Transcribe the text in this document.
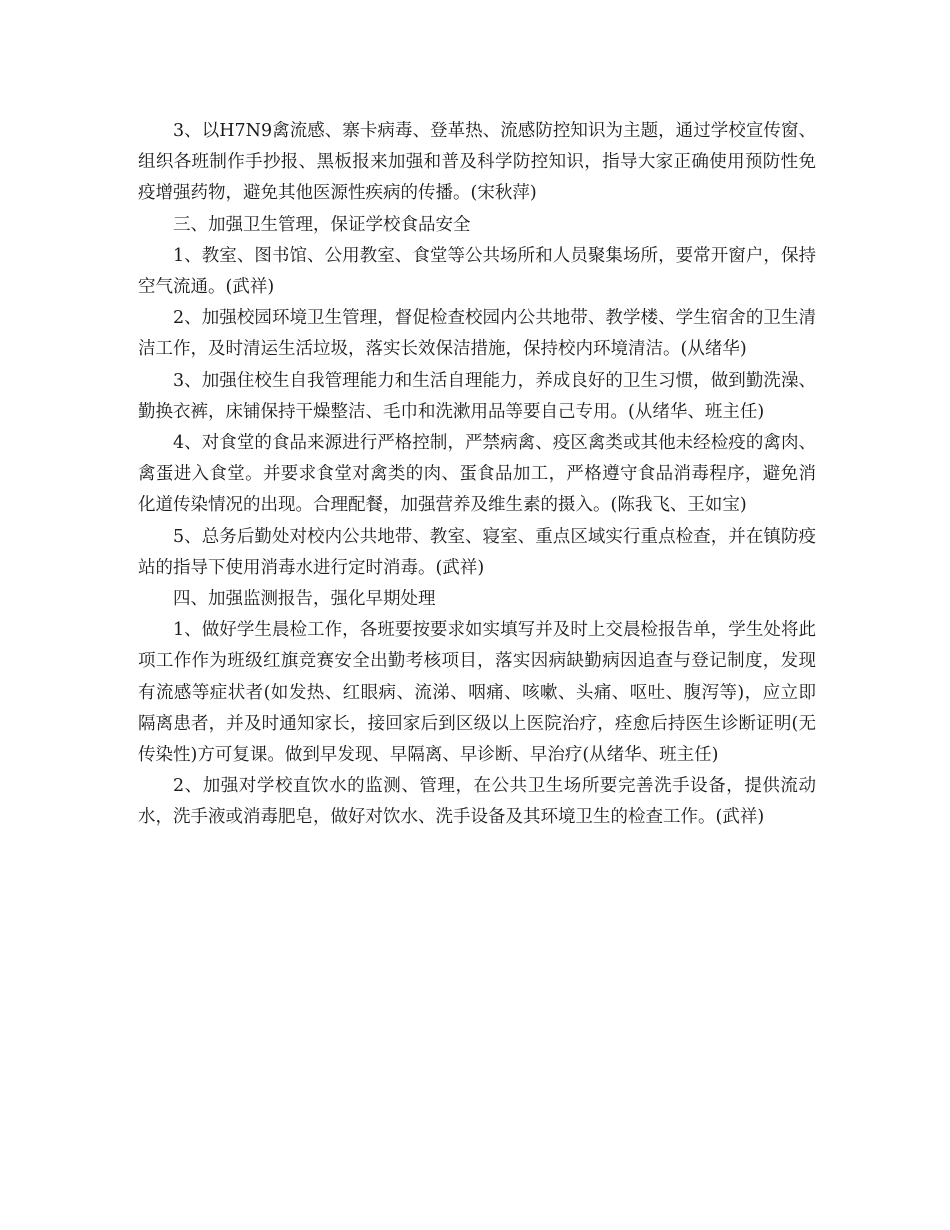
3、以H7N9禽流感、寨卡病毒、登革热、流感防控知识为主题，通过学校宣传窗、组织各班制作手抄报、黑板报来加强和普及科学防控知识，指导大家正确使用预防性免疫增强药物，避免其他医源性疾病的传播。(宋秋萍)

三、加强卫生管理，保证学校食品安全

1、教室、图书馆、公用教室、食堂等公共场所和人员聚集场所，要常开窗户，保持空气流通。(武祥)

2、加强校园环境卫生管理，督促检查校园内公共地带、教学楼、学生宿舍的卫生清洁工作，及时清运生活垃圾，落实长效保洁措施，保持校内环境清洁。(从绪华)

3、加强住校生自我管理能力和生活自理能力，养成良好的卫生习惯，做到勤洗澡、勤换衣裤，床铺保持干燥整洁、毛巾和洗漱用品等要自己专用。(从绪华、班主任)

4、对食堂的食品来源进行严格控制，严禁病禽、疫区禽类或其他未经检疫的禽肉、禽蛋进入食堂。并要求食堂对禽类的肉、蛋食品加工，严格遵守食品消毒程序，避免消化道传染情况的出现。合理配餐，加强营养及维生素的摄入。(陈我飞、王如宝)

5、总务后勤处对校内公共地带、教室、寝室、重点区域实行重点检查，并在镇防疫站的指导下使用消毒水进行定时消毒。(武祥)

四、加强监测报告，强化早期处理

1、做好学生晨检工作，各班要按要求如实填写并及时上交晨检报告单，学生处将此项工作作为班级红旗竞赛安全出勤考核项目，落实因病缺勤病因追查与登记制度，发现有流感等症状者(如发热、红眼病、流涕、咽痛、咳嗽、头痛、呕吐、腹泻等)，应立即隔离患者，并及时通知家长，接回家后到区级以上医院治疗，痊愈后持医生诊断证明(无传染性)方可复课。做到早发现、早隔离、早诊断、早治疗(从绪华、班主任)

2、加强对学校直饮水的监测、管理，在公共卫生场所要完善洗手设备，提供流动水，洗手液或消毒肥皂，做好对饮水、洗手设备及其环境卫生的检查工作。(武祥)
